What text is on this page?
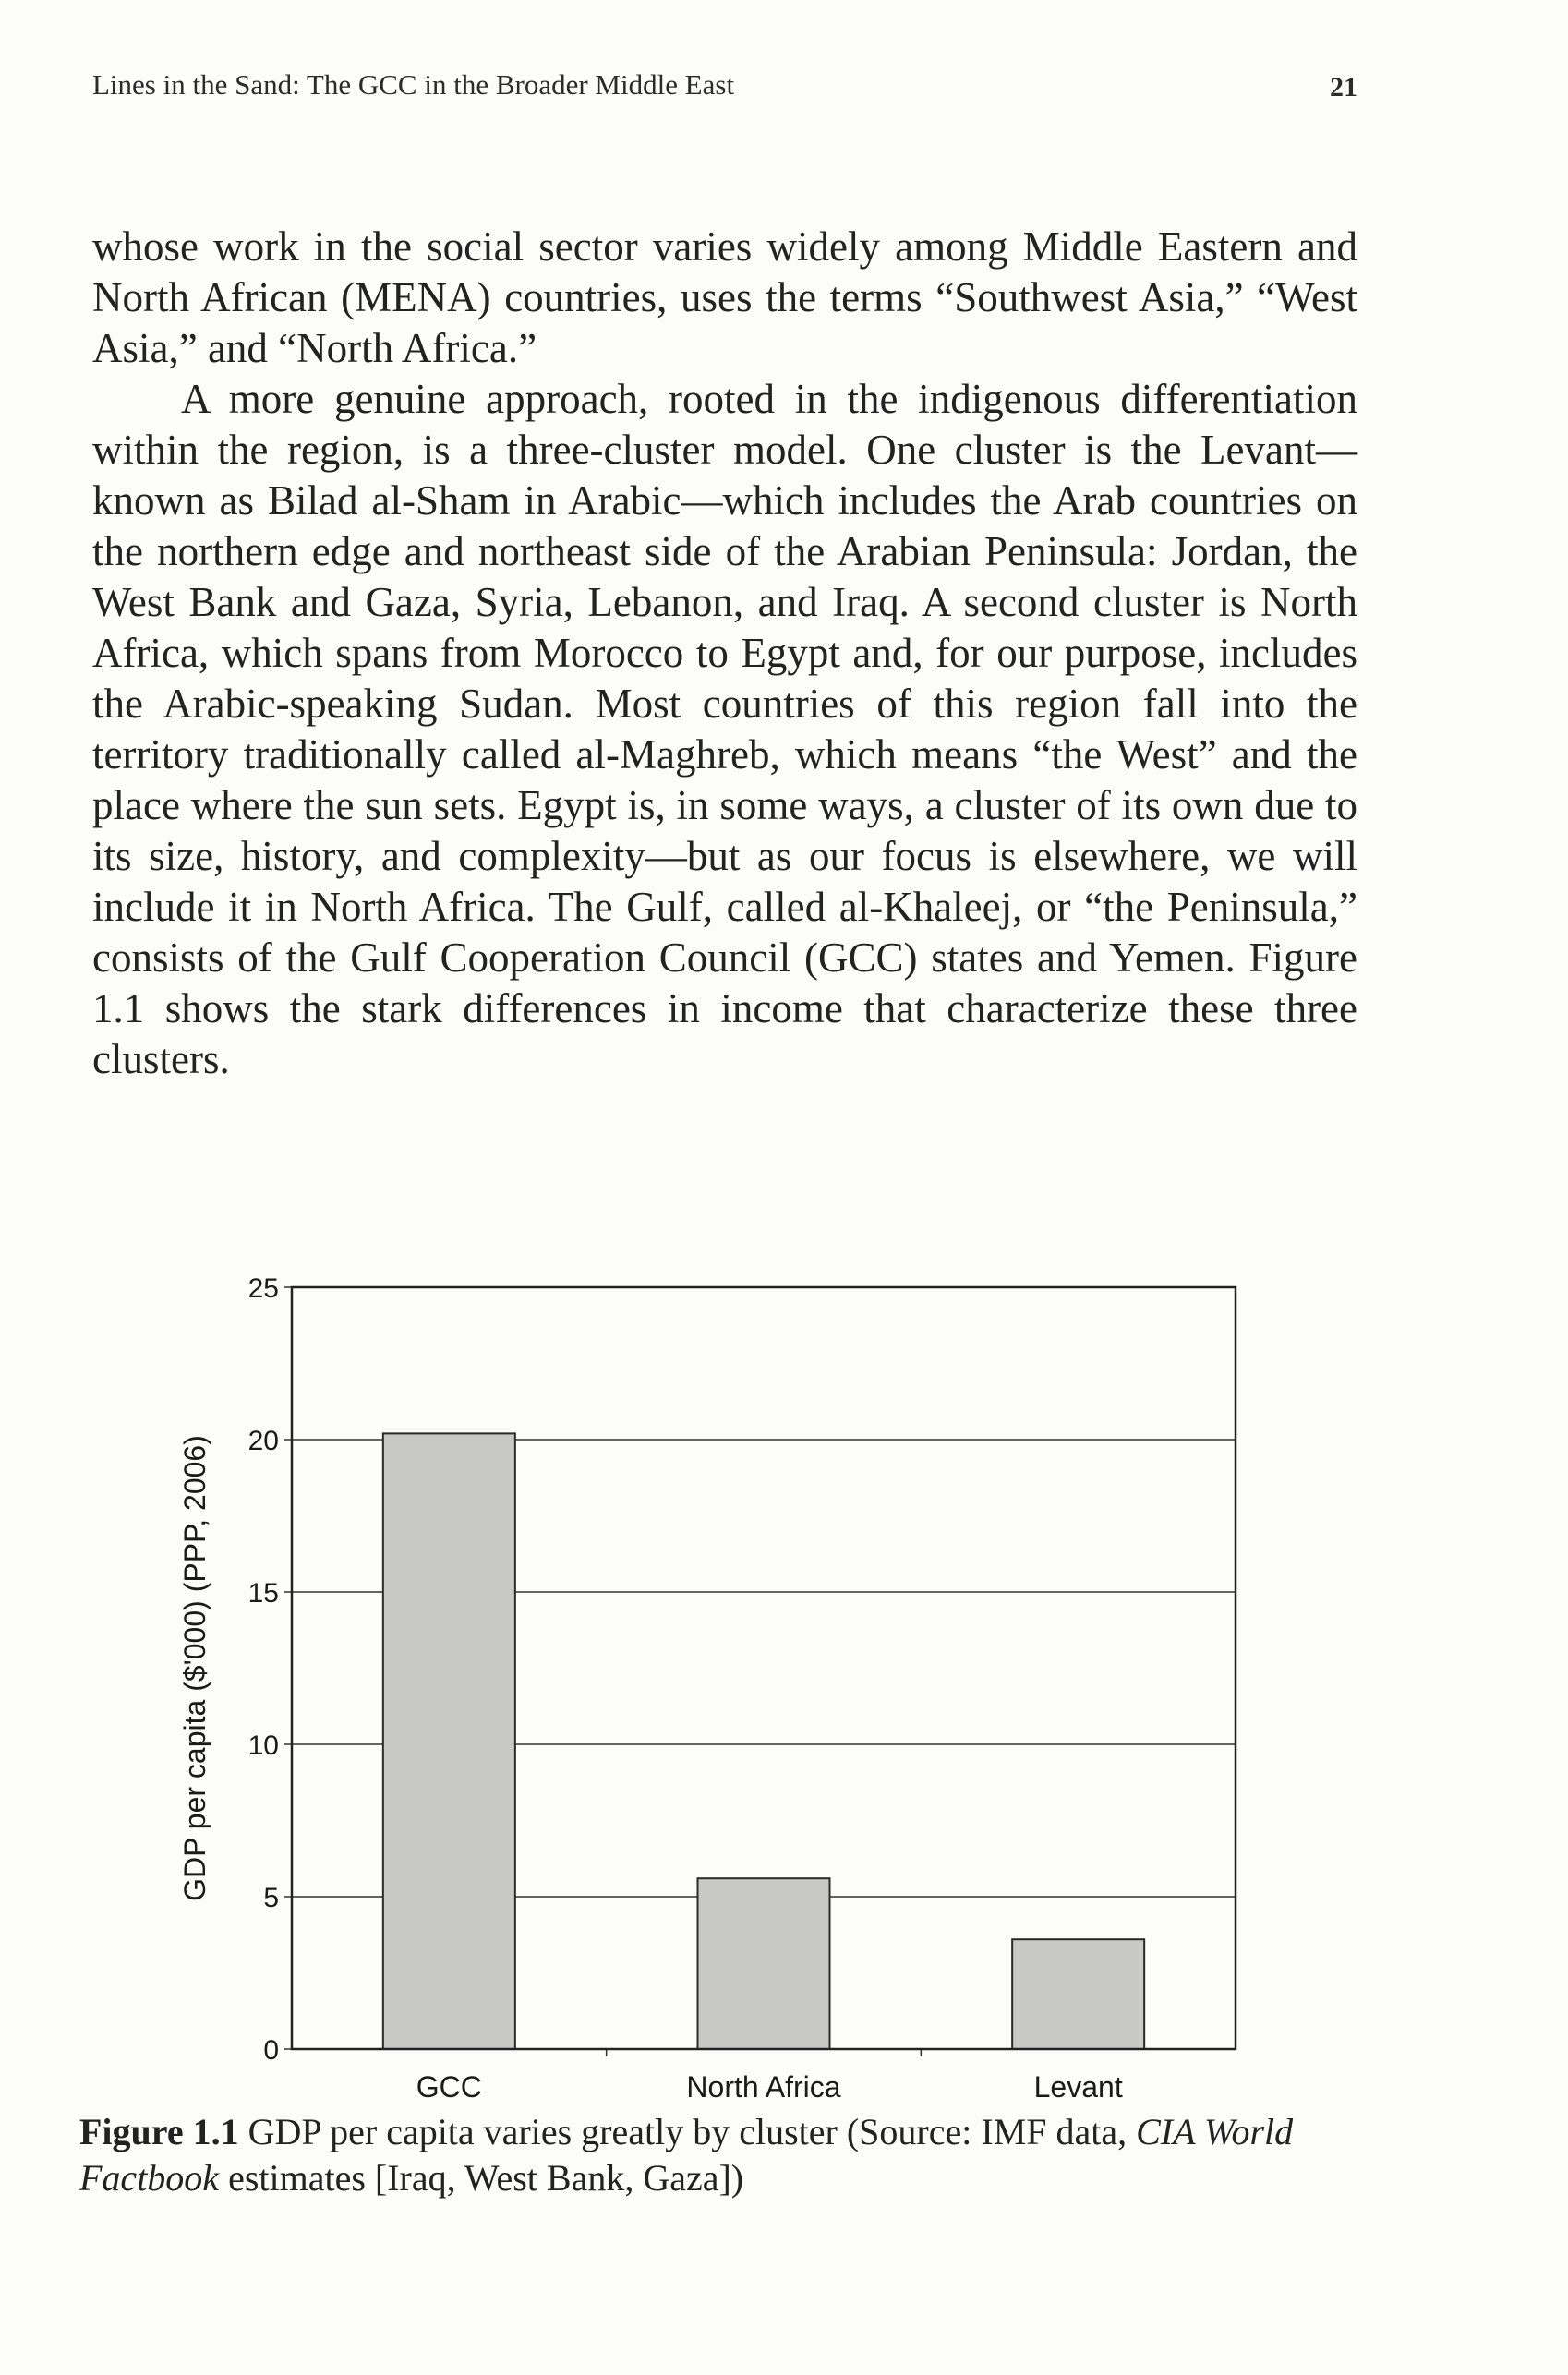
Lines in the Sand: The GCC in the Broader Middle East	21

whose work in the social sector varies widely among Middle Eastern and North African (MENA) countries, uses the terms “Southwest Asia,” “West Asia,” and “North Africa.”

A more genuine approach, rooted in the indigenous differentiation within the region, is a three-cluster model. One cluster is the Levant—known as Bilad al-Sham in Arabic—which includes the Arab countries on the northern edge and northeast side of the Arabian Peninsula: Jordan, the West Bank and Gaza, Syria, Lebanon, and Iraq. A second cluster is North Africa, which spans from Morocco to Egypt and, for our purpose, includes the Arabic-speaking Sudan. Most countries of this region fall into the territory traditionally called al-Maghreb, which means “the West” and the place where the sun sets. Egypt is, in some ways, a cluster of its own due to its size, history, and complexity—but as our focus is elsewhere, we will include it in North Africa. The Gulf, called al-Khaleej, or “the Peninsula,” consists of the Gulf Cooperation Council (GCC) states and Yemen. Figure 1.1 shows the stark differences in income that characterize these three clusters.

0
5
10
15
20
25
GCC	North Africa	Levant
GDP per capita ($'000) (PPP, 2006)
Figure 1.1 GDP per capita varies greatly by cluster (Source: IMF data, CIA World Factbook estimates [Iraq, West Bank, Gaza])
